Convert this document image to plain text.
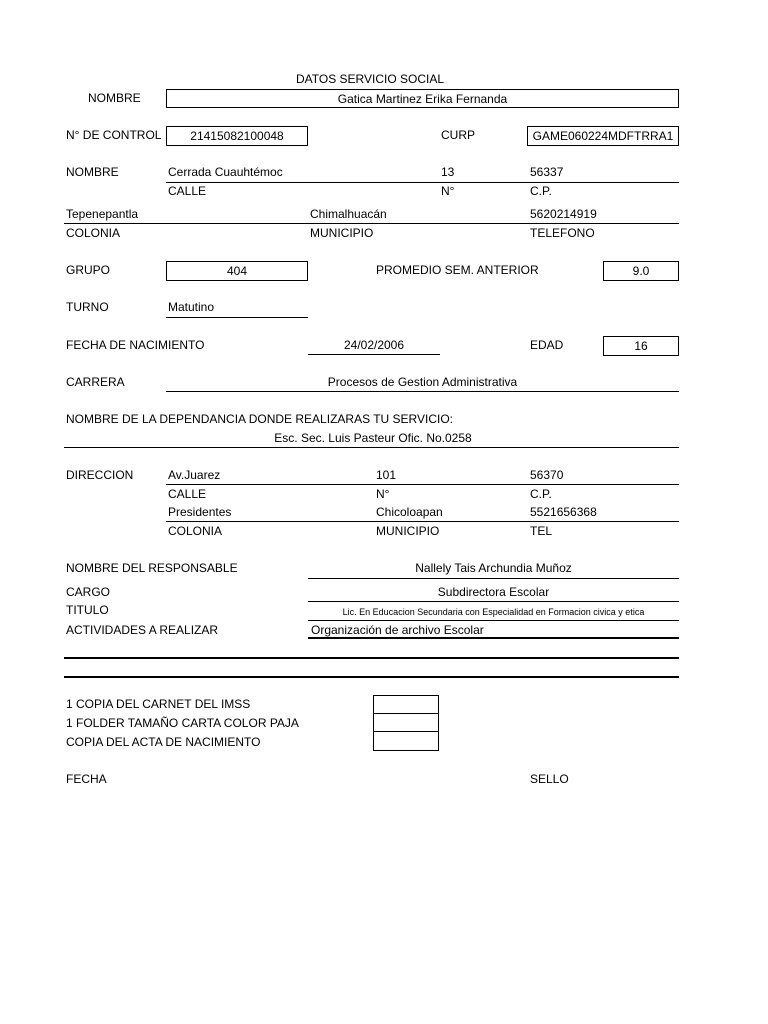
DATOS SERVICIO SOCIAL
NOMBRE	Gatica Martinez Erika Fernanda
N° DE CONTROL	21415082100048	CURP	GAME060224MDFTRRA1
NOMBRE	Cerrada Cuauhtémoc	13	56337
CALLE	N°	C.P.
Tepenepantla	Chimalhuacán	5620214919
COLONIA	MUNICIPIO	TELEFONO
GRUPO	404	PROMEDIO SEM. ANTERIOR	9.0
TURNO	Matutino
FECHA DE NACIMIENTO	24/02/2006	EDAD	16
CARRERA	Procesos de Gestion Administrativa
NOMBRE DE LA DEPENDANCIA DONDE REALIZARAS TU SERVICIO:
Esc. Sec. Luis Pasteur Ofic. No.0258
DIRECCION	Av.Juarez	101	56370
CALLE	N°	C.P.
Presidentes	Chicoloapan	5521656368
COLONIA	MUNICIPIO	TEL
NOMBRE DEL RESPONSABLE	Nallely Tais Archundia Muñoz
CARGO	Subdirectora Escolar
TITULO	Lic. En Educacion Secundaria con Especialidad en Formacion civica y etica
ACTIVIDADES A REALIZAR	Organización de archivo Escolar
1 COPIA DEL CARNET DEL IMSS
1 FOLDER TAMAÑO CARTA COLOR PAJA
COPIA DEL ACTA DE NACIMIENTO
FECHA	SELLO
